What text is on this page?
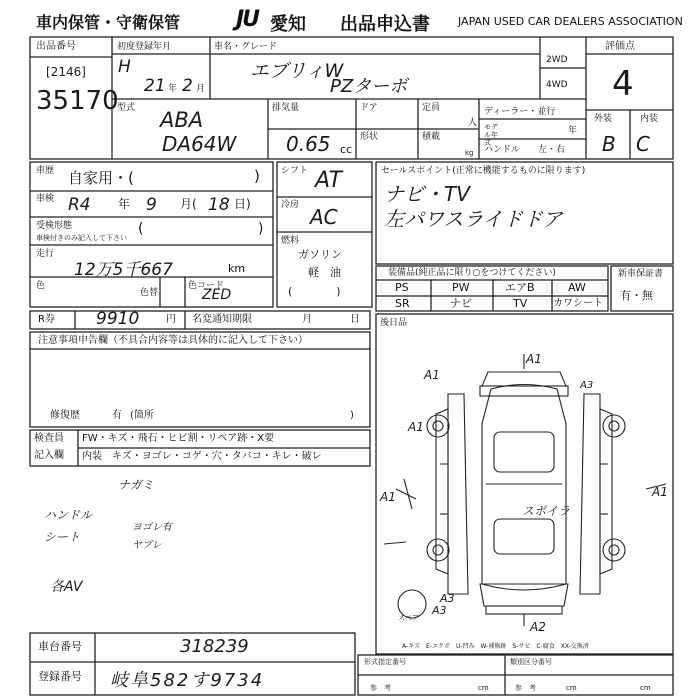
車内保管・守衛保管	JU 愛知 出品申込書	JAPAN USED CAR DEALERS ASSOCIATION
出品番号
[2146]
35170
初度登録年月
H
21 年 2 月
車名・グレード
エブリィW
PZターボ
型式 ABA
DA64W
排気量
0.65 cc
ドア
形状
定員
人
積載
kg
2WD
4WD
ディーラー・並行
モデル年式
年
ハンドル 左・右
評価点
4
外装	内装
B C
車歴 自家用・(	)
車検 R4 年 9 月( 18 日)
受検形態
車検付きのみ記入して下さい
(	)
走行
12万5千667	km
色
色替
色コード
ZED
シフト AT
冷房 AC
燃料
ガソリン
軽　油
(　　　　)
セールスポイント(正常に機能するものに限ります)
ナビ・TV
左パワスライドドア
装備品(純正品に限り○をつけてください)
PS	PW	エアB	AW
SR	ナビ	TV	カワシート
新車保証書
有・無
R券 9910	円 名変通知期限	月	日
注意事項申告欄（不具合内容等は具体的に記入して下さい）
修復歴	有 (箇所	)
検査員
記入欄
FW・キズ・飛石・ヒビ割・リペア跡・X要
内装 キズ・ヨゴレ・コゲ・穴・タバコ・キレ・破レ
ナガミ
ハンドル
シート
ヨゴレ有
ヤブレ
各AV
後日品
A1
A1
A1
A1
A2
A3
A3
スポイラ
A3
A1
スペア
A-キズ　E-エクボ　U-凹み　W-補修跡　S-サビ　C-腐食　XX-交換済
車台番号	318239
登録番号 岐阜582す9734
形式指定番号	類別区分番号
参　考	cm	参　考	cm	cm
